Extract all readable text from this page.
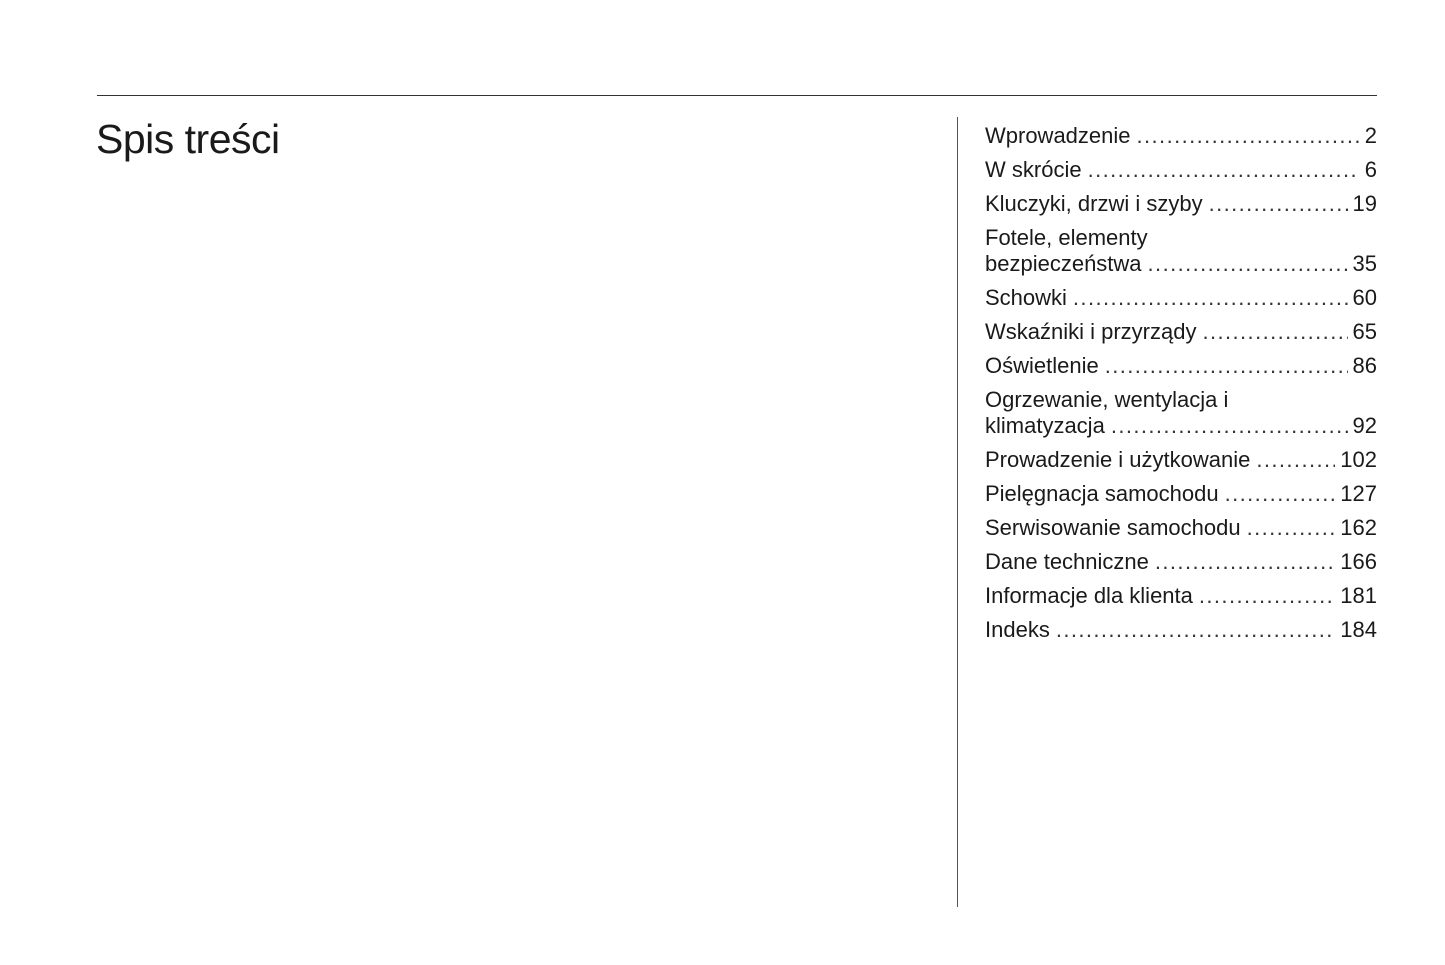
Spis treści	Wprowadzenie .....	2
W skrócie .....	6
Kluczyki, drzwi i szyby .....	19
Fotele, elementy
bezpieczeństwa .....	35
Schowki .....	60
Wskaźniki i przyrządy .....	65
Oświetlenie .....	86
Ogrzewanie, wentylacja i
klimatyzacja .....	92
Prowadzenie i użytkowanie .....	102
Pielęgnacja samochodu .....	127
Serwisowanie samochodu .....	162
Dane techniczne .....	166
Informacje dla klienta .....	181
Indeks .....	184
